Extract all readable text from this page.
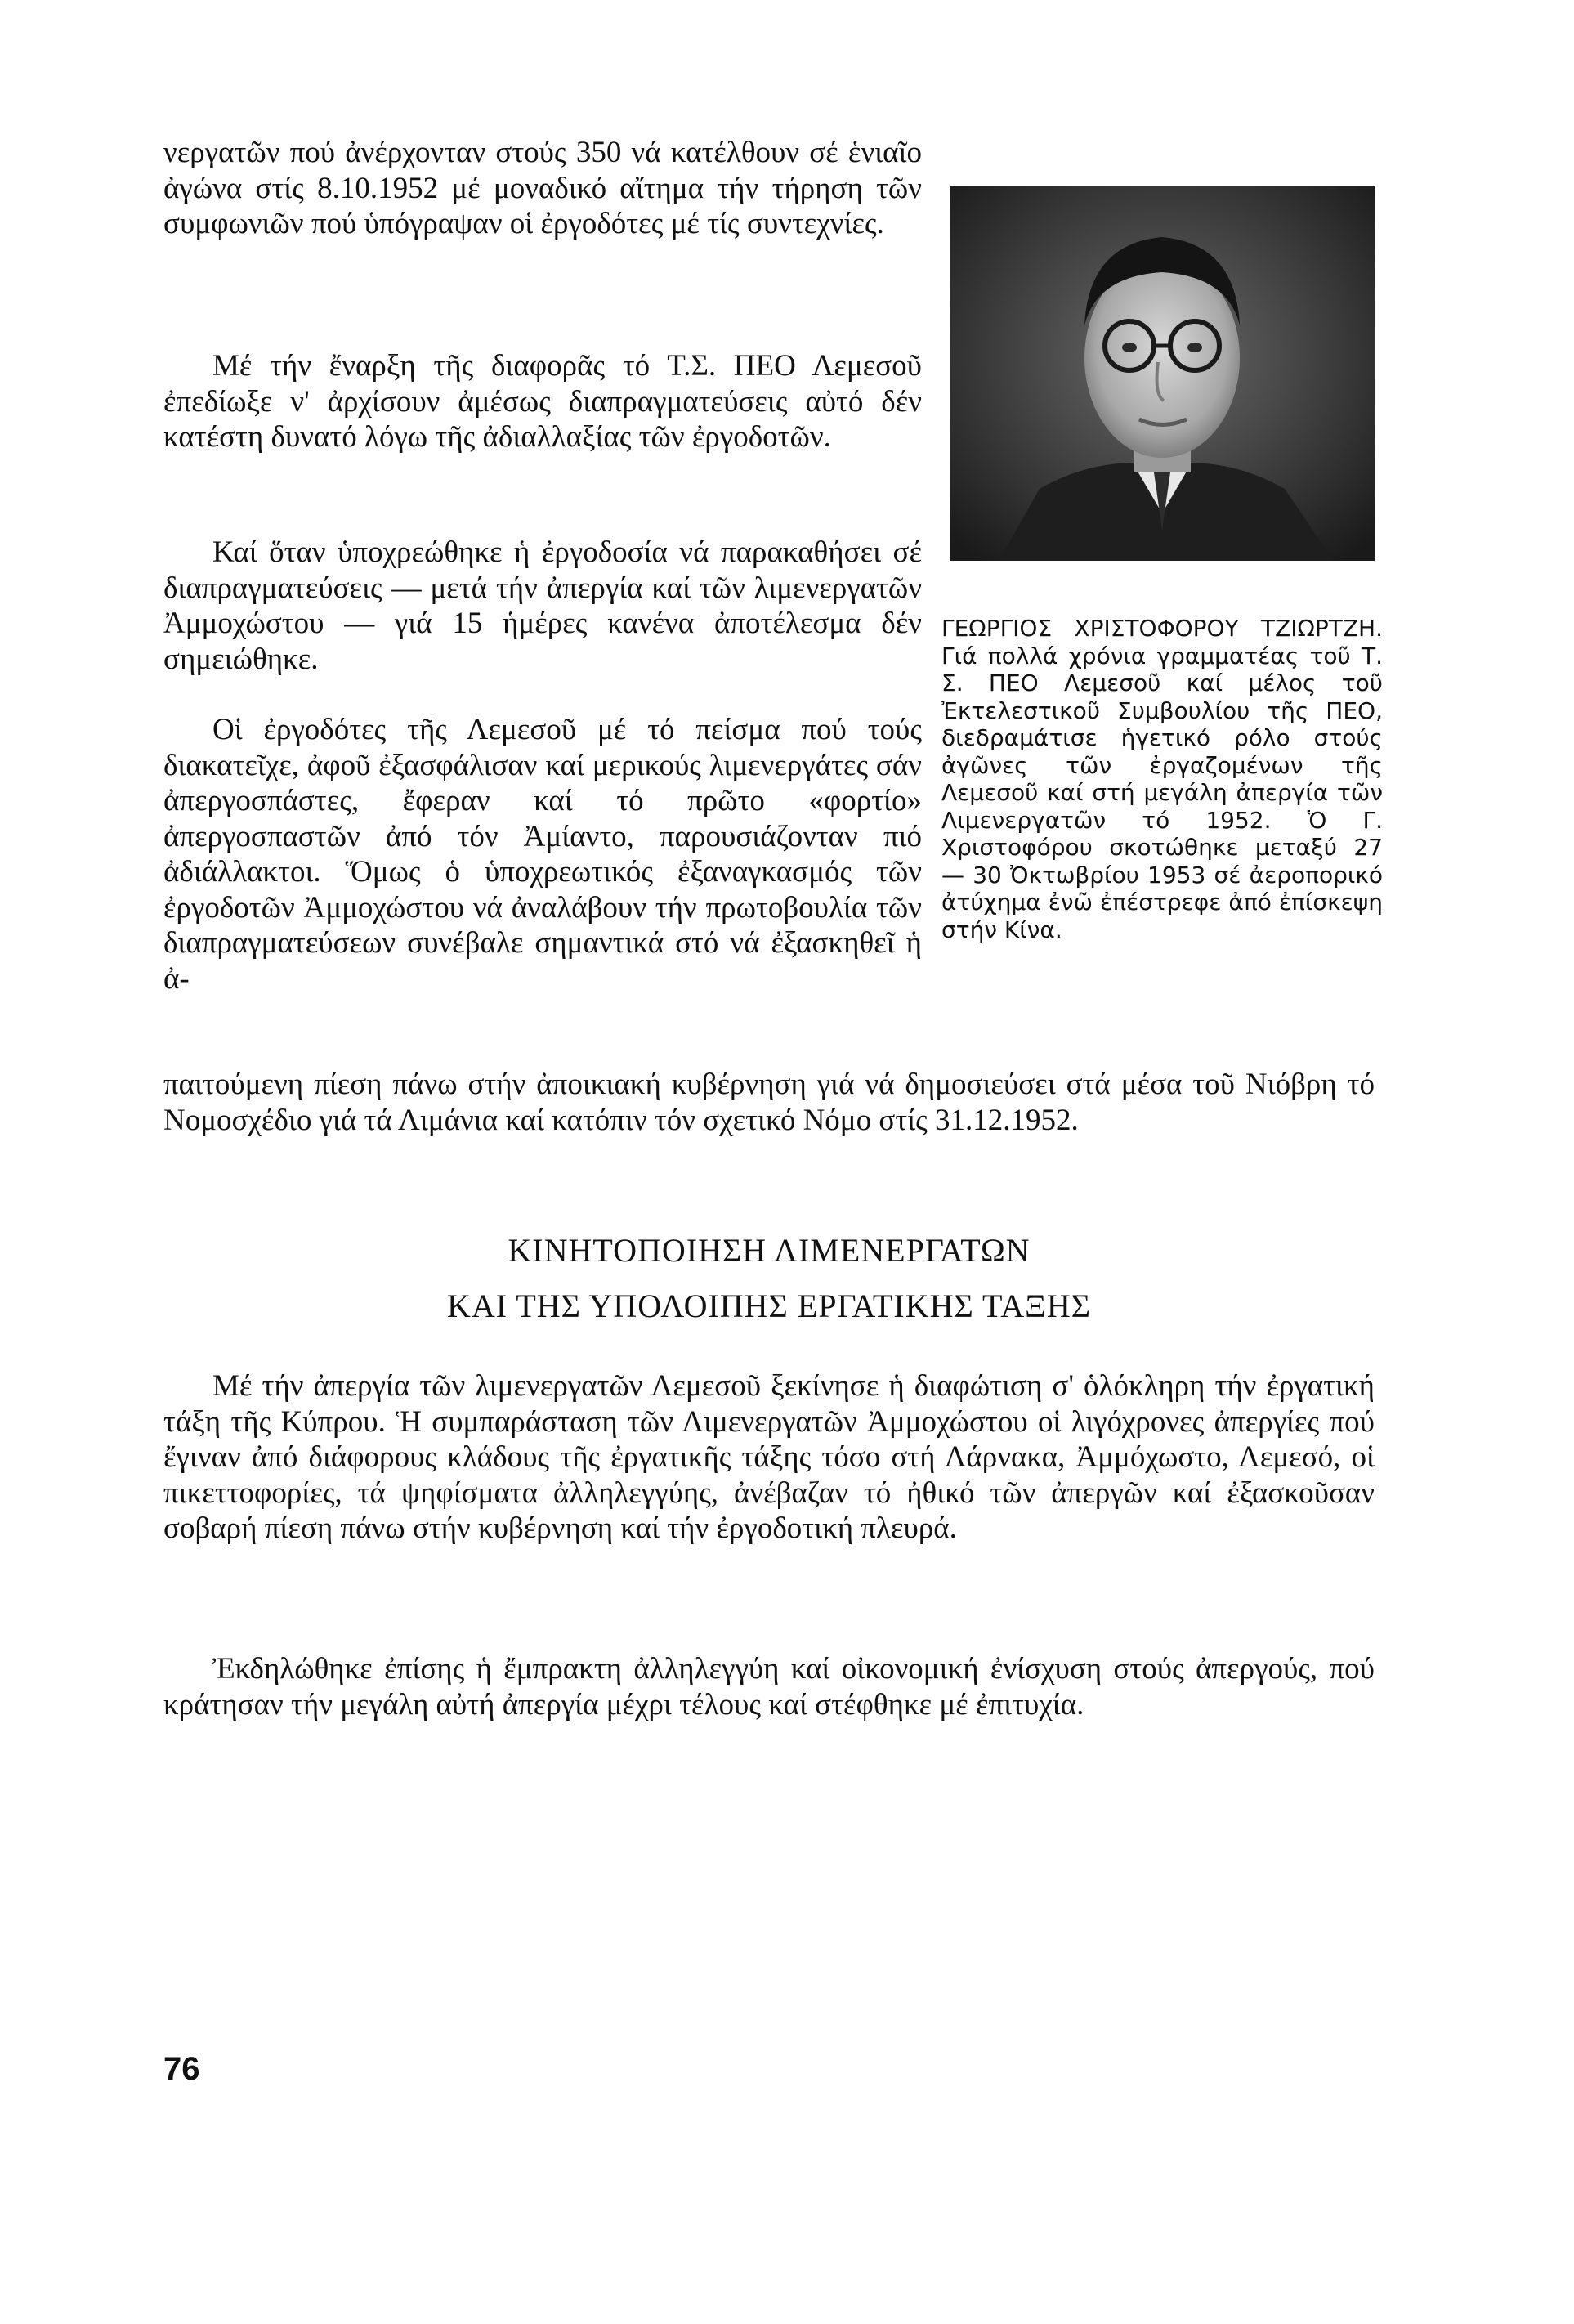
νεργατῶν πού ἀνέρχονταν στούς 350 νά κατέλθουν σέ ἑνιαῖο ἀγώνα στίς 8.10.1952 μέ μοναδικό αἴτημα τήν τήρηση τῶν συμφωνιῶν πού ὑπόγραψαν οἱ ἐργοδότες μέ τίς συντεχνίες.

Μέ τήν ἔναρξη τῆς διαφορᾶς τό Τ.Σ. ΠΕΟ Λεμεσοῦ ἐπεδίωξε ν' ἀρχίσουν ἀμέσως διαπραγματεύσεις αὐτό δέν κατέστη δυνατό λόγω τῆς ἀδιαλλαξίας τῶν ἐργοδοτῶν.

Καί ὅταν ὑποχρεώθηκε ἡ ἐργοδοσία νά παρακαθήσει σέ διαπραγματεύσεις — μετά τήν ἀπεργία καί τῶν λιμενεργατῶν Ἀμμοχώστου — γιά 15 ἡμέρες κανένα ἀποτέλεσμα δέν σημειώθηκε.

Οἱ ἐργοδότες τῆς Λεμεσοῦ μέ τό πείσμα πού τούς διακατεῖχε, ἀφοῦ ἐξασφάλισαν καί μερικούς λιμενεργάτες σάν ἀπεργοσπάστες, ἔφεραν καί τό πρῶτο «φορτίο» ἀπεργοσπαστῶν ἀπό τόν Ἀμίαντο, παρουσιάζονταν πιό ἀδιάλλακτοι. Ὅμως ὁ ὑποχρεωτικός ἐξαναγκασμός τῶν ἐργοδοτῶν Ἀμμοχώστου νά ἀναλάβουν τήν πρωτοβουλία τῶν διαπραγματεύσεων συνέβαλε σημαντικά στό νά ἐξασκηθεῖ ἡ ἀ-

παιτούμενη πίεση πάνω στήν ἀποικιακή κυβέρνηση γιά νά δημοσιεύσει στά μέσα τοῦ Νιόβρη τό Νομοσχέδιο γιά τά Λιμάνια καί κατόπιν τόν σχετικό Νόμο στίς 31.12.1952.

ΓΕΩΡΓΙΟΣ ΧΡΙΣΤΟΦΟΡΟΥ ΤΖΙΩΡΤΖΗ. Γιά πολλά χρόνια γραμματέας τοῦ Τ. Σ. ΠΕΟ Λεμεσοῦ καί μέλος τοῦ Ἐκτελεστικοῦ Συμβουλίου τῆς ΠΕΟ, διεδραμάτισε ἡγετικό ρόλο στούς ἀγῶνες τῶν ἐργαζομένων τῆς Λεμεσοῦ καί στή μεγάλη ἀπεργία τῶν Λιμενεργατῶν τό 1952. Ὁ Γ. Χριστοφόρου σκοτώθηκε μεταξύ 27 — 30 Ὀκτωβρίου 1953 σέ ἀεροπορικό ἀτύχημα ἐνῶ ἐπέστρεφε ἀπό ἐπίσκεψη στήν Κίνα.

ΚΙΝΗΤΟΠΟΙΗΣΗ ΛΙΜΕΝΕΡΓΑΤΩΝ

ΚΑΙ ΤΗΣ ΥΠΟΛΟΙΠΗΣ ΕΡΓΑΤΙΚΗΣ ΤΑΞΗΣ

Μέ τήν ἀπεργία τῶν λιμενεργατῶν Λεμεσοῦ ξεκίνησε ἡ διαφώτιση σ' ὁλόκληρη τήν ἐργατική τάξη τῆς Κύπρου. Ἡ συμπαράσταση τῶν Λιμενεργατῶν Ἀμμοχώστου οἱ λιγόχρονες ἀπεργίες πού ἔγιναν ἀπό διάφορους κλάδους τῆς ἐργατικῆς τάξης τόσο στή Λάρνακα, Ἀμμόχωστο, Λεμεσό, οἱ πικεττοφορίες, τά ψηφίσματα ἀλληλεγγύης, ἀνέβαζαν τό ἠθικό τῶν ἀπεργῶν καί ἐξασκοῦσαν σοβαρή πίεση πάνω στήν κυβέρνηση καί τήν ἐργοδοτική πλευρά.

Ἐκδηλώθηκε ἐπίσης ἡ ἔμπρακτη ἀλληλεγγύη καί οἰκονομική ἐνίσχυση στούς ἀπεργούς, πού κράτησαν τήν μεγάλη αὐτή ἀπεργία μέχρι τέλους καί στέφθηκε μέ ἐπιτυχία.

76
